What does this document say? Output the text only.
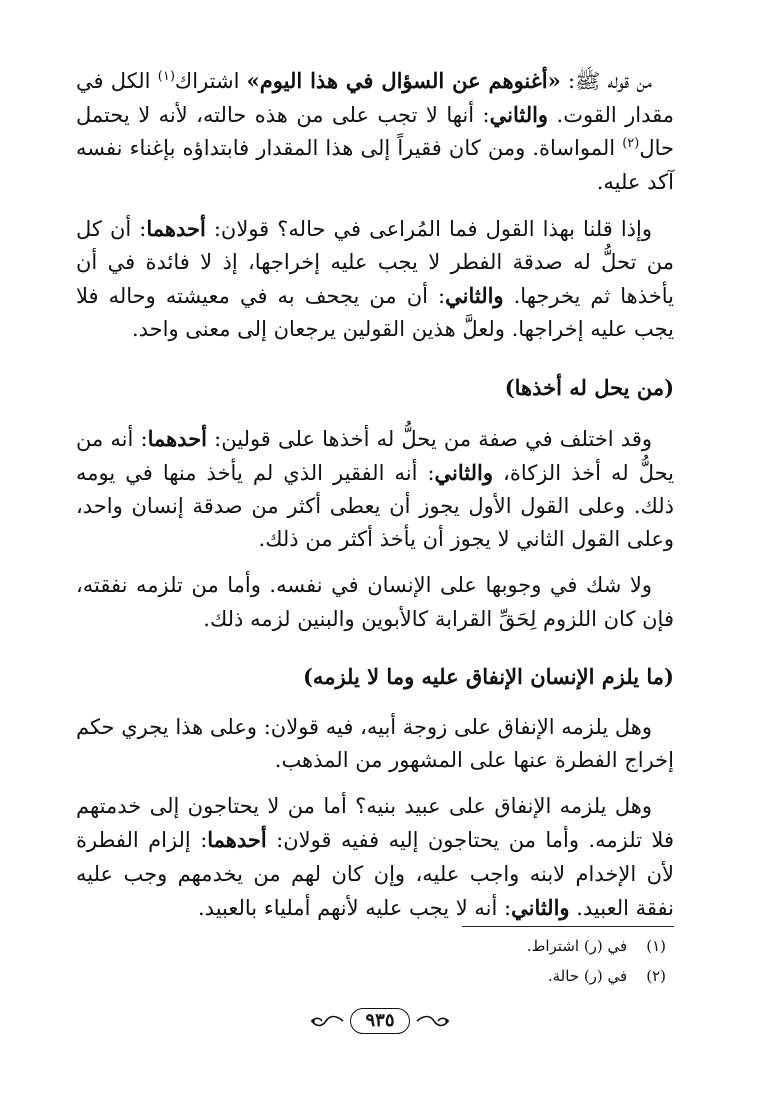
من قوله ﷺ: «أغنوهم عن السؤال في هذا اليوم» اشتراك$^{(١)}$ الكل في مقدار القوت. والثاني: أنها لا تجب على من هذه حالته، لأنه لا يحتمل حال$^{(٢)}$ المواساة. ومن كان فقيراً إلى هذا المقدار فابتداؤه بإغناء نفسه آكد عليه.

وإذا قلنا بهذا القول فما المُراعى في حاله؟ قولان: أحدهما: أن كل من تحلُّ له صدقة الفطر لا يجب عليه إخراجها، إذ لا فائدة في أن يأخذها ثم يخرجها. والثاني: أن من يجحف به في معيشته وحاله فلا يجب عليه إخراجها. ولعلَّ هذين القولين يرجعان إلى معنى واحد.

(من يحل له أخذها)

وقد اختلف في صفة من يحلُّ له أخذها على قولين: أحدهما: أنه من يحلُّ له أخذ الزكاة، والثاني: أنه الفقير الذي لم يأخذ منها في يومه ذلك. وعلى القول الأول يجوز أن يعطى أكثر من صدقة إنسان واحد، وعلى القول الثاني لا يجوز أن يأخذ أكثر من ذلك.

ولا شك في وجوبها على الإنسان في نفسه. وأما من تلزمه نفقته، فإن كان اللزوم لِحَقِّ القرابة كالأبوين والبنين لزمه ذلك.

(ما يلزم الإنسان الإنفاق عليه وما لا يلزمه)

وهل يلزمه الإنفاق على زوجة أبيه، فيه قولان: وعلى هذا يجري حكم إخراج الفطرة عنها على المشهور من المذهب.

وهل يلزمه الإنفاق على عبيد بنيه؟ أما من لا يحتاجون إلى خدمتهم فلا تلزمه. وأما من يحتاجون إليه ففيه قولان: أحدهما: إلزام الفطرة لأن الإخدام لابنه واجب عليه، وإن كان لهم من يخدمهم وجب عليه نفقة العبيد. والثاني: أنه لا يجب عليه لأنهم أملياء بالعبيد.

(١) في (ر) اشتراط.
(٢) في (ر) حالة.
٩٣٥
